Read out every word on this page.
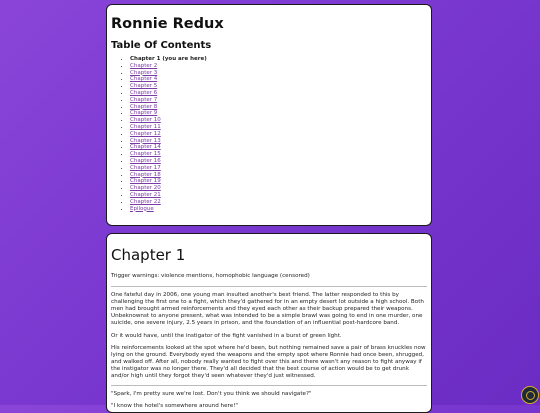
Ronnie Redux
Table Of Contents
• Chapter 1 (you are here)
• Chapter 2
• Chapter 3
• Chapter 4
• Chapter 5
• Chapter 6
• Chapter 7
• Chapter 8
• Chapter 9
• Chapter 10
• Chapter 11
• Chapter 12
• Chapter 13
• Chapter 14
• Chapter 15
• Chapter 16
• Chapter 17
• Chapter 18
• Chapter 19
• Chapter 20
• Chapter 21
• Chapter 22
• Epilogue
Chapter 1

Trigger warnings: violence mentions, homophobic language (censored)

One fateful day in 2006, one young man insulted another's best friend. The latter responded to this by challenging the first one to a fight, which they'd gathered for in an empty desert lot outside a high school. Both men had brought armed reinforcements and they eyed each other as their backup prepared their weapons. Unbeknownst to anyone present, what was intended to be a simple brawl was going to end in one murder, one suicide, one severe injury, 2.5 years in prison, and the foundation of an influential post-hardcore band.

Or it would have, until the instigator of the fight vanished in a burst of green light.

His reinforcements looked at the spot where he'd been, but nothing remained save a pair of brass knuckles now lying on the ground. Everybody eyed the weapons and the empty spot where Ronnie had once been, shrugged, and walked off. After all, nobody really wanted to fight over this and there wasn't any reason to fight anyway if the instigator was no longer there. They'd all decided that the best course of action would be to get drunk and/or high until they forgot they'd seen whatever they'd just witnessed.

"Spark, I'm pretty sure we're lost. Don't you think we should navigate?"

"I know the hotel's somewhere around here!"
